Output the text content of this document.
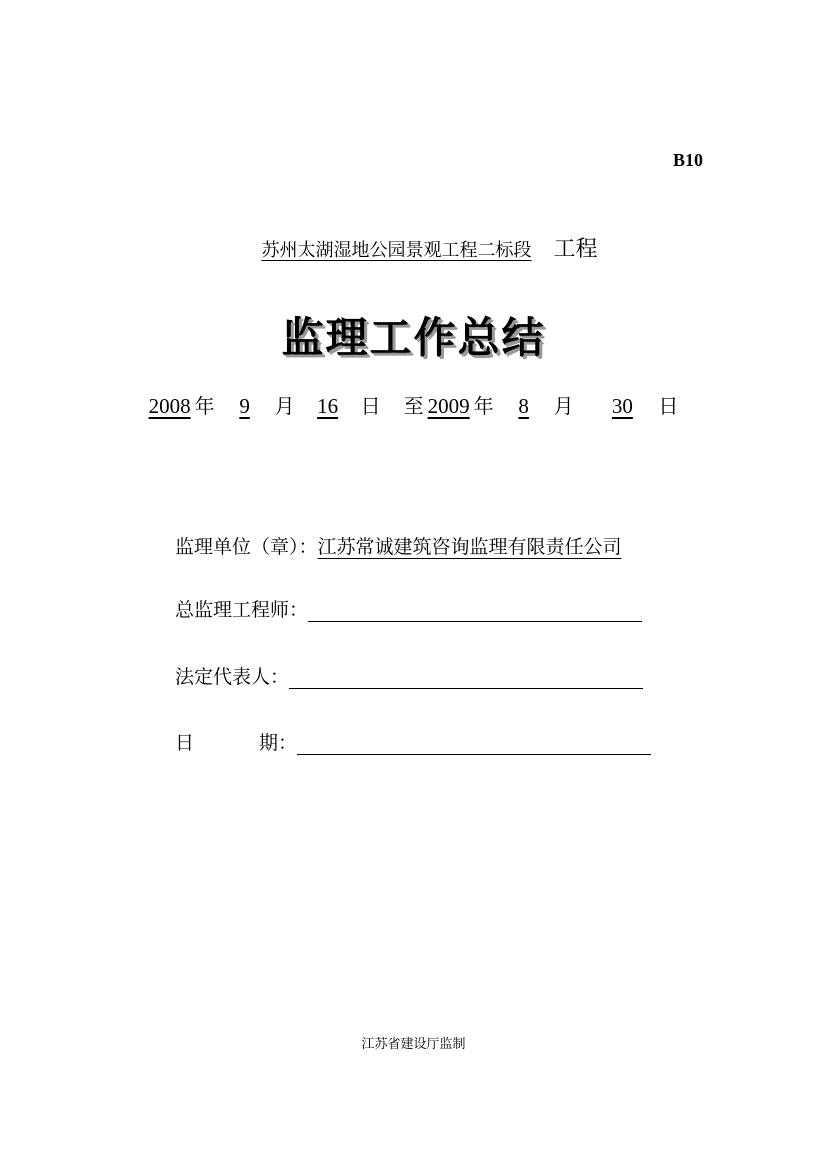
B10
苏州太湖湿地公园景观工程二标段 工程
监理工作总结
2008 年 9 月 16 日 至 2009 年 8 月 30 日
监理单位（章）： 江苏常诚建筑咨询监理有限责任公司
总监理工程师：
法定代表人：
日	期：
江苏省建设厅监制
